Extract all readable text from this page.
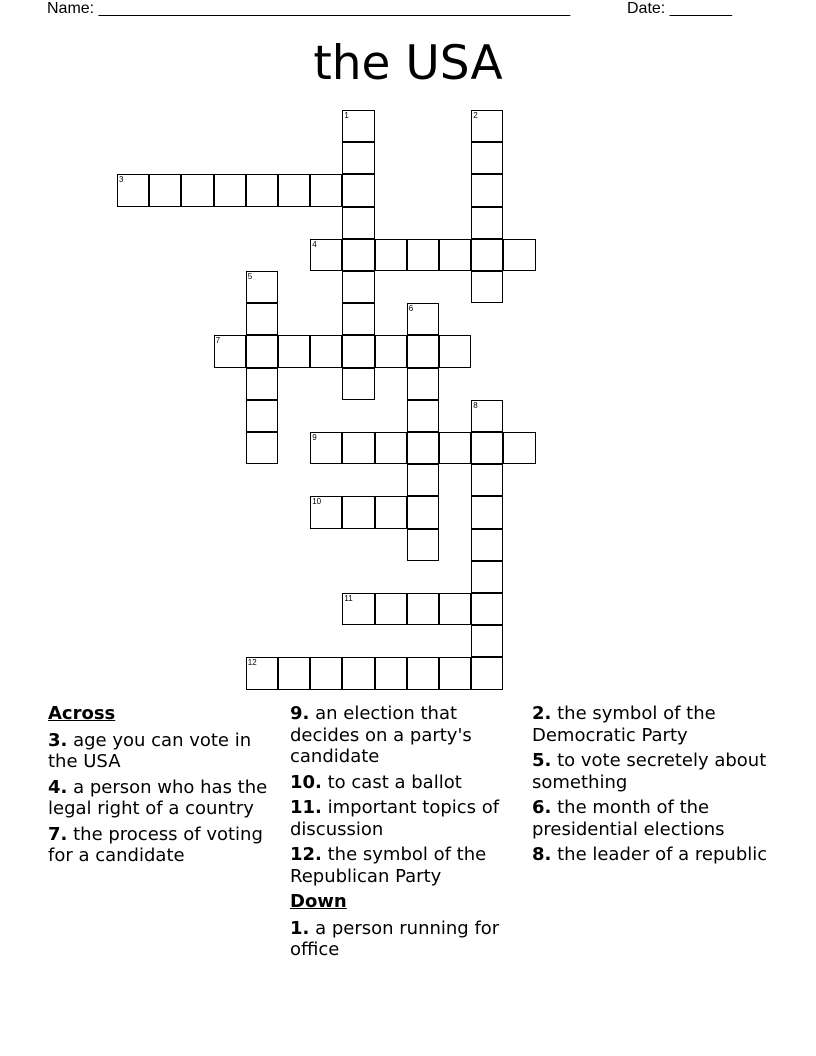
Name: _____________________________________________________	Date: _______
the USA
1	2
3
4
5
6
7
8
9
10
11
12
Across
3. age you can vote in the USA
4. a person who has the legal right of a country
7. the process of voting for a candidate
9. an election that decides on a party's candidate
10. to cast a ballot
11. important topics of discussion
12. the symbol of the Republican Party
Down
1. a person running for office
2. the symbol of the Democratic Party
5. to vote secretely about something
6. the month of the presidential elections
8. the leader of a republic
